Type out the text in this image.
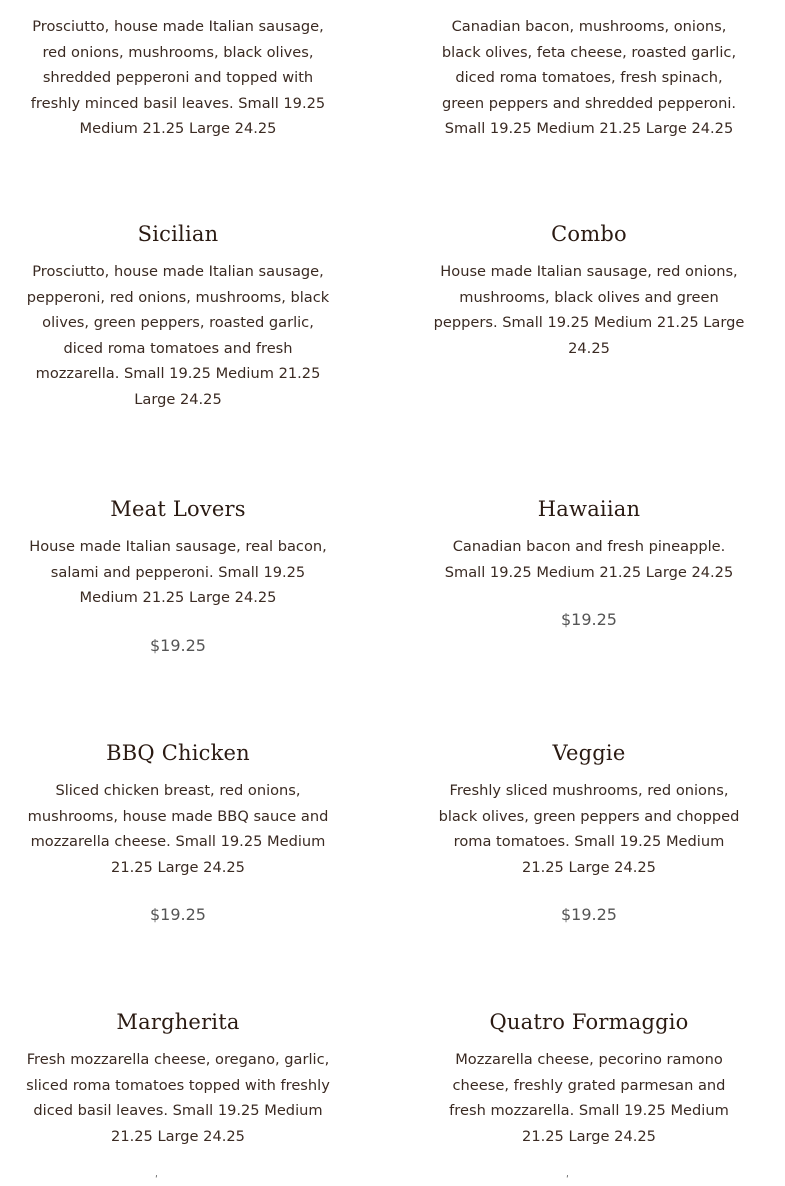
Prosciutto, house made Italian sausage, red onions, mushrooms, black olives, shredded pepperoni and topped with freshly minced basil leaves. Small 19.25 Medium 21.25 Large 24.25

Canadian bacon, mushrooms, onions, black olives, feta cheese, roasted garlic, diced roma tomatoes, fresh spinach, green peppers and shredded pepperoni. Small 19.25 Medium 21.25 Large 24.25

Sicilian

Prosciutto, house made Italian sausage, pepperoni, red onions, mushrooms, black olives, green peppers, roasted garlic, diced roma tomatoes and fresh mozzarella. Small 19.25 Medium 21.25 Large 24.25

Combo

House made Italian sausage, red onions, mushrooms, black olives and green peppers. Small 19.25 Medium 21.25 Large 24.25

Meat Lovers

House made Italian sausage, real bacon, salami and pepperoni. Small 19.25 Medium 21.25 Large 24.25

$19.25
Hawaiian

Canadian bacon and fresh pineapple. Small 19.25 Medium 21.25 Large 24.25

$19.25
BBQ Chicken

Sliced chicken breast, red onions, mushrooms, house made BBQ sauce and mozzarella cheese. Small 19.25 Medium 21.25 Large 24.25

$19.25
Veggie

Freshly sliced mushrooms, red onions, black olives, green peppers and chopped roma tomatoes. Small 19.25 Medium 21.25 Large 24.25

$19.25
Margherita

Fresh mozzarella cheese, oregano, garlic, sliced roma tomatoes topped with freshly diced basil leaves. Small 19.25 Medium 21.25 Large 24.25

Quatro Formaggio

Mozzarella cheese, pecorino ramono cheese, freshly grated parmesan and fresh mozzarella. Small 19.25 Medium 21.25 Large 24.25

ʹ	ʹ
